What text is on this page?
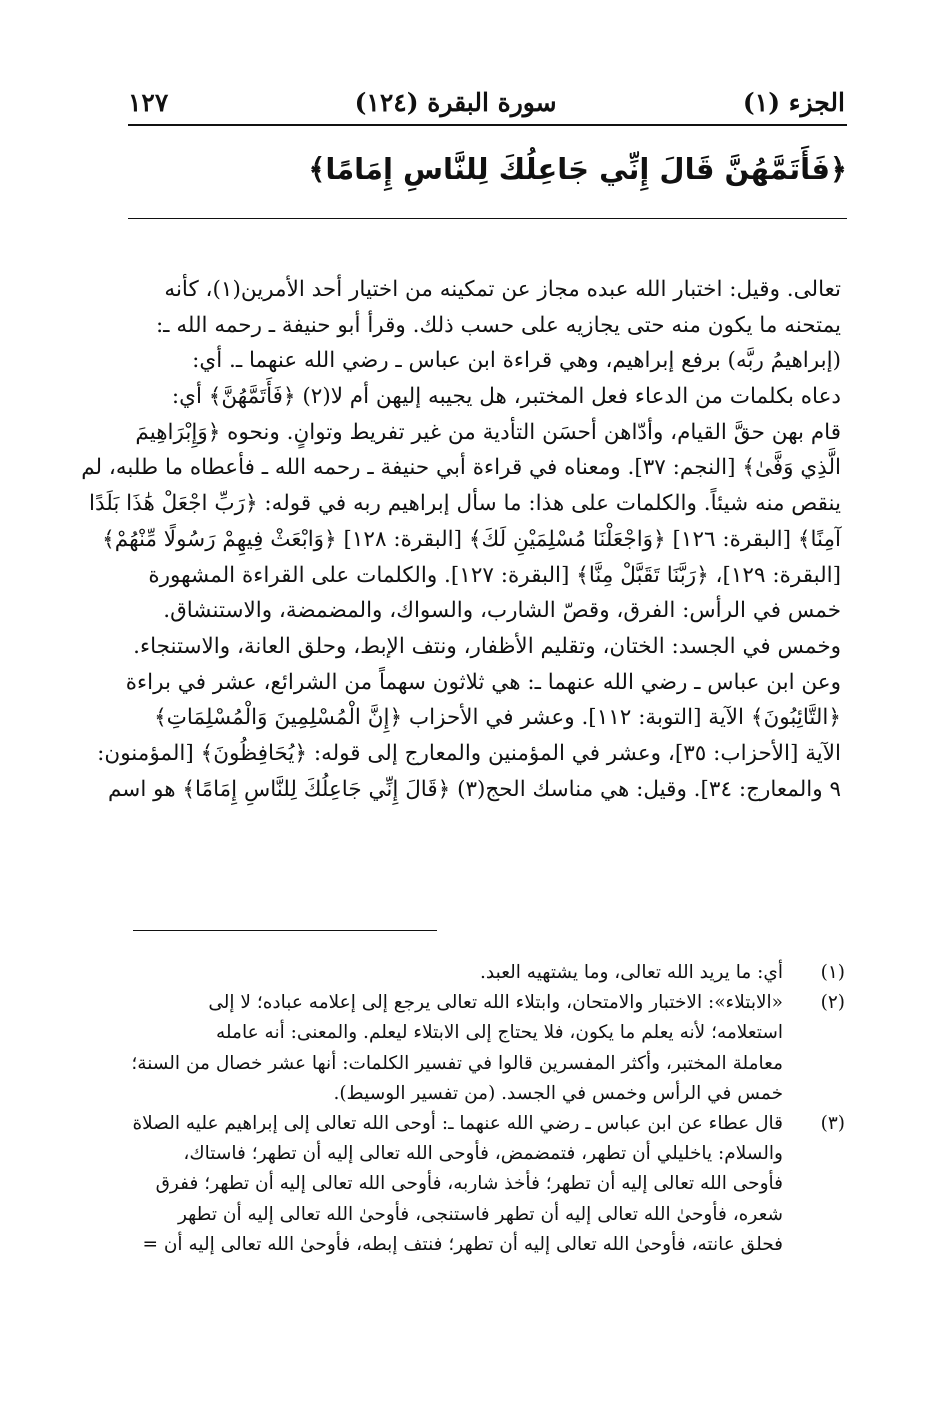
الجزء (١)
سورة البقرة (١٢٤)
١٢٧
﴿فَأَتَمَّهُنَّ قَالَ إِنِّي جَاعِلُكَ لِلنَّاسِ إِمَامًا﴾
تعالى. وقيل: اختبار الله عبده مجاز عن تمكينه من اختيار أحد الأمرين(١)، كأنه
يمتحنه ما يكون منه حتى يجازيه على حسب ذلك. وقرأ أبو حنيفة ـ رحمه الله ـ:
(إبراهيمُ ربَّه) برفع إبراهيم، وهي قراءة ابن عباس ـ رضي الله عنهما ـ. أي:
دعاه بكلمات من الدعاء فعل المختبر، هل يجيبه إليهن أم لا(٢) ﴿فَأَتَمَّهُنَّ﴾ أي:
قام بهن حقَّ القيام، وأدّاهن أحسَن التأدية من غير تفريط وتوانٍ. ونحوه ﴿وَإِبْرَاهِيمَ
الَّذِي وَفَّىٰ﴾ [النجم: ٣٧]. ومعناه في قراءة أبي حنيفة ـ رحمه الله ـ فأعطاه ما طلبه، لم
ينقص منه شيئاً. والكلمات على هذا: ما سأل إبراهيم ربه في قوله: ﴿رَبِّ اجْعَلْ هَٰذَا بَلَدًا
آمِنًا﴾ [البقرة: ١٢٦] ﴿وَاجْعَلْنَا مُسْلِمَيْنِ لَكَ﴾ [البقرة: ١٢٨] ﴿وَابْعَثْ فِيهِمْ رَسُولًا مِّنْهُمْ﴾
[البقرة: ١٢٩]، ﴿رَبَّنَا تَقَبَّلْ مِنَّا﴾ [البقرة: ١٢٧]. والكلمات على القراءة المشهورة
خمس في الرأس: الفرق، وقصّ الشارب، والسواك، والمضمضة، والاستنشاق.
وخمس في الجسد: الختان، وتقليم الأظفار، ونتف الإبط، وحلق العانة، والاستنجاء.
وعن ابن عباس ـ رضي الله عنهما ـ: هي ثلاثون سهماً من الشرائع، عشر في براءة
﴿التَّائِبُونَ﴾ الآية [التوبة: ١١٢]. وعشر في الأحزاب ﴿إِنَّ الْمُسْلِمِينَ وَالْمُسْلِمَاتِ﴾
الآية [الأحزاب: ٣٥]، وعشر في المؤمنين والمعارج إلى قوله: ﴿يُحَافِظُونَ﴾ [المؤمنون:
٩ والمعارج: ٣٤]. وقيل: هي مناسك الحج(٣) ﴿قَالَ إِنِّي جَاعِلُكَ لِلنَّاسِ إِمَامًا﴾ هو اسم
(١)
أي: ما يريد الله تعالى، وما يشتهيه العبد.
(٢)
«الابتلاء»: الاختبار والامتحان، وابتلاء الله تعالى يرجع إلى إعلامه عباده؛ لا إلى
استعلامه؛ لأنه يعلم ما يكون، فلا يحتاج إلى الابتلاء ليعلم. والمعنى: أنه عامله
معاملة المختبر، وأكثر المفسرين قالوا في تفسير الكلمات: أنها عشر خصال من السنة؛
خمس في الرأس وخمس في الجسد. (من تفسير الوسيط).
(٣)
قال عطاء عن ابن عباس ـ رضي الله عنهما ـ: أوحى الله تعالى إلى إبراهيم عليه الصلاة
والسلام: ياخليلي أن تطهر، فتمضمض، فأوحى الله تعالى إليه أن تطهر؛ فاستاك،
فأوحى الله تعالى إليه أن تطهر؛ فأخذ شاربه، فأوحى الله تعالى إليه أن تطهر؛ ففرق
شعره، فأوحىٰ الله تعالى إليه أن تطهر فاستنجى، فأوحىٰ الله تعالى إليه أن تطهر
فحلق عانته، فأوحىٰ الله تعالى إليه أن تطهر؛ فنتف إبطه، فأوحىٰ الله تعالى إليه أن =
